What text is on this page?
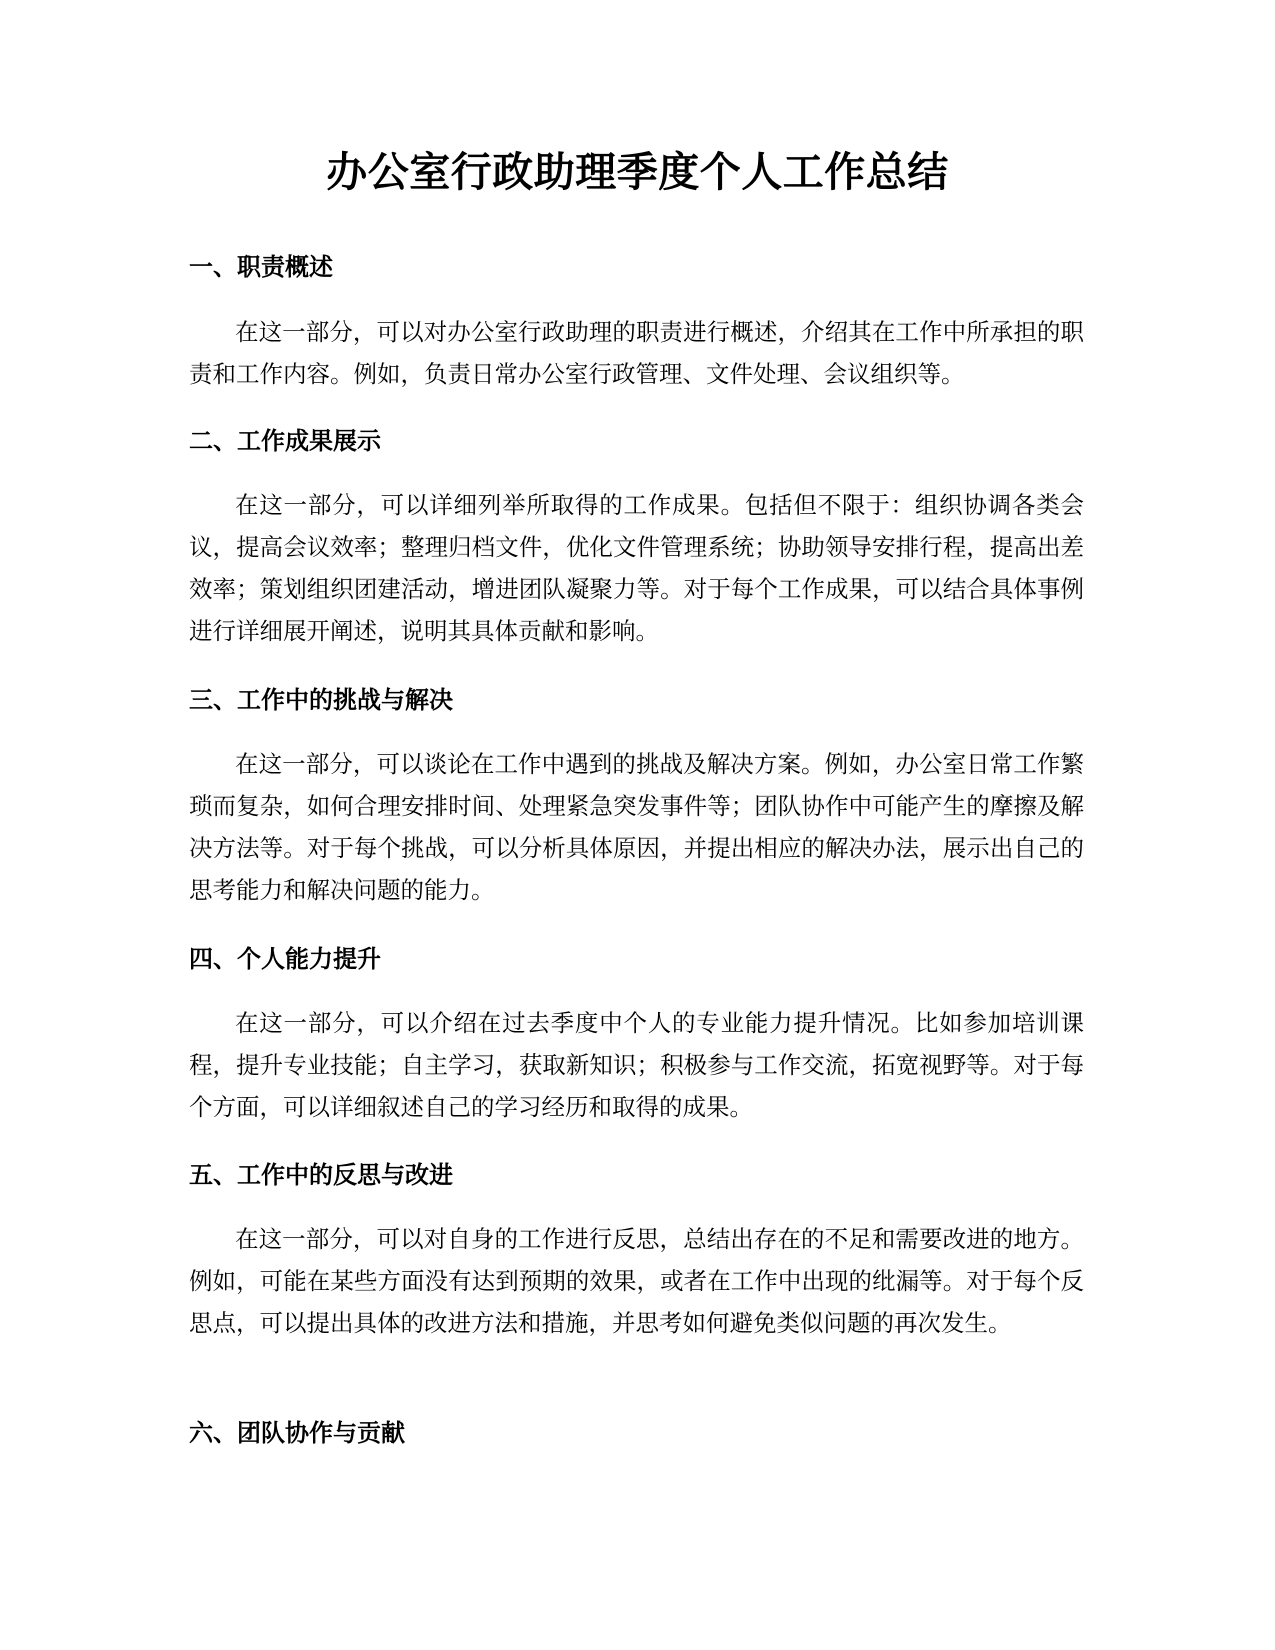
办公室行政助理季度个人工作总结
一、职责概述
在这一部分，可以对办公室行政助理的职责进行概述，介绍其在工作中所承担的职责和工作内容。例如，负责日常办公室行政管理、文件处理、会议组织等。
二、工作成果展示
在这一部分，可以详细列举所取得的工作成果。包括但不限于：组织协调各类会议，提高会议效率；整理归档文件，优化文件管理系统；协助领导安排行程，提高出差效率；策划组织团建活动，增进团队凝聚力等。对于每个工作成果，可以结合具体事例进行详细展开阐述，说明其具体贡献和影响。
三、工作中的挑战与解决
在这一部分，可以谈论在工作中遇到的挑战及解决方案。例如，办公室日常工作繁琐而复杂，如何合理安排时间、处理紧急突发事件等；团队协作中可能产生的摩擦及解决方法等。对于每个挑战，可以分析具体原因，并提出相应的解决办法，展示出自己的思考能力和解决问题的能力。
四、个人能力提升
在这一部分，可以介绍在过去季度中个人的专业能力提升情况。比如参加培训课程，提升专业技能；自主学习，获取新知识；积极参与工作交流，拓宽视野等。对于每个方面，可以详细叙述自己的学习经历和取得的成果。
五、工作中的反思与改进
在这一部分，可以对自身的工作进行反思，总结出存在的不足和需要改进的地方。例如，可能在某些方面没有达到预期的效果，或者在工作中出现的纰漏等。对于每个反思点，可以提出具体的改进方法和措施，并思考如何避免类似问题的再次发生。
六、团队协作与贡献
